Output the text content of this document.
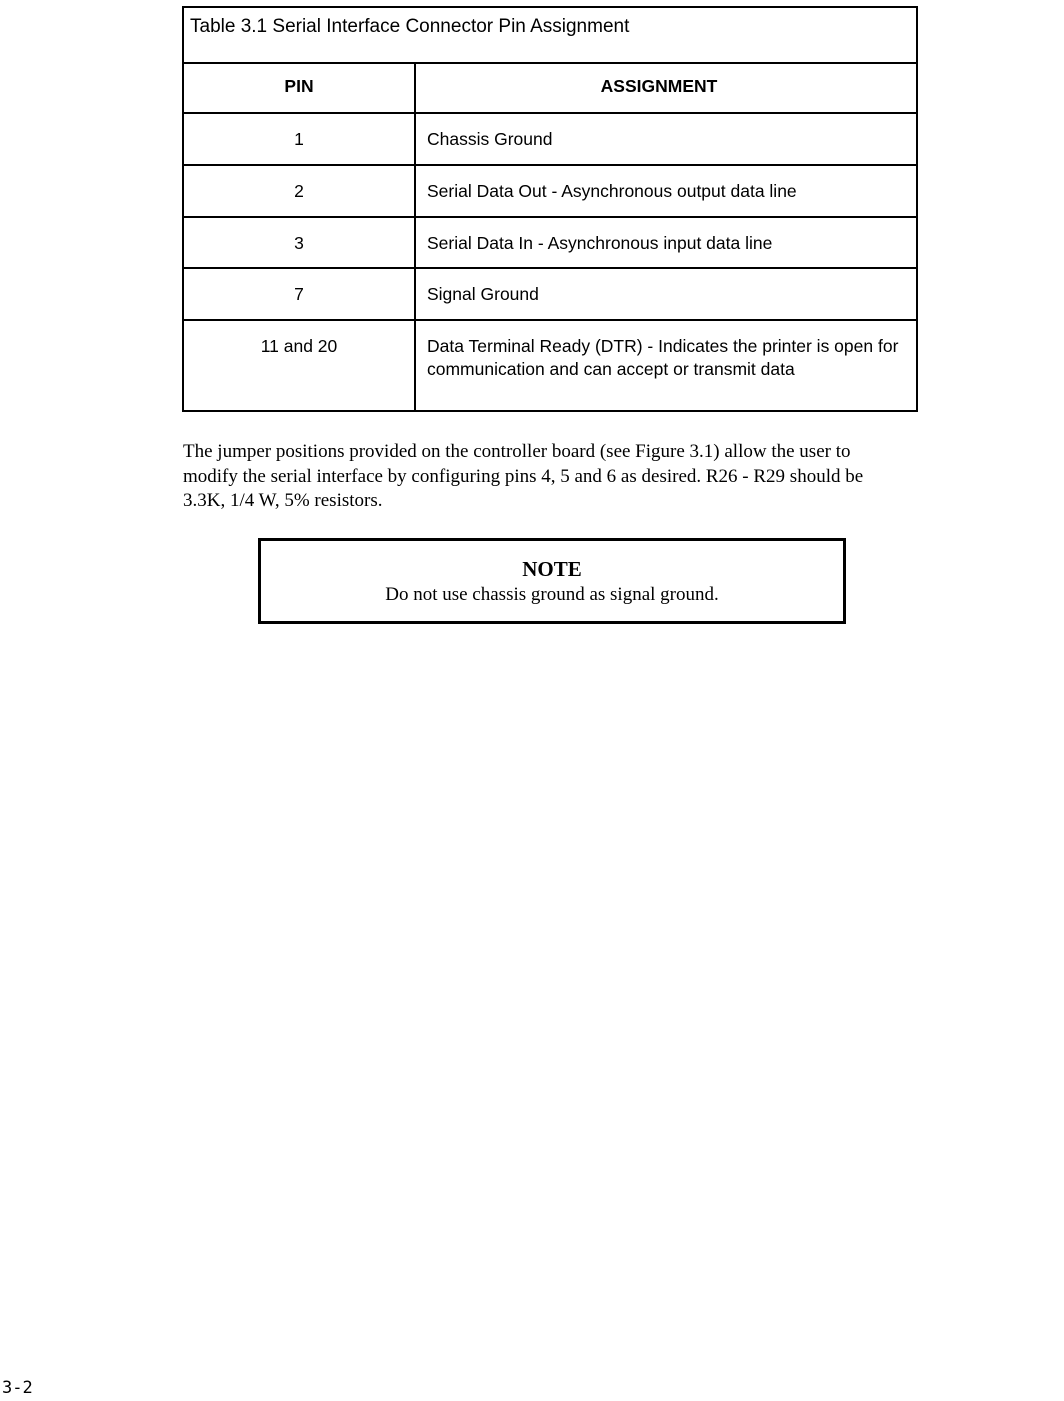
Table 3.1 Serial Interface Connector Pin Assignment
PIN	ASSIGNMENT
1	Chassis Ground
2	Serial Data Out - Asynchronous output data line
3	Serial Data In - Asynchronous input data line
7	Signal Ground
11 and 20	Data Terminal Ready (DTR) - Indicates the printer is open for communication and can accept or transmit data

The jumper positions provided on the controller board (see Figure 3.1) allow the user to modify the serial interface by configuring pins 4, 5 and 6 as desired. R26 - R29 should be 3.3K, 1/4 W, 5% resistors.

NOTE
Do not use chassis ground as signal ground.
3-2
